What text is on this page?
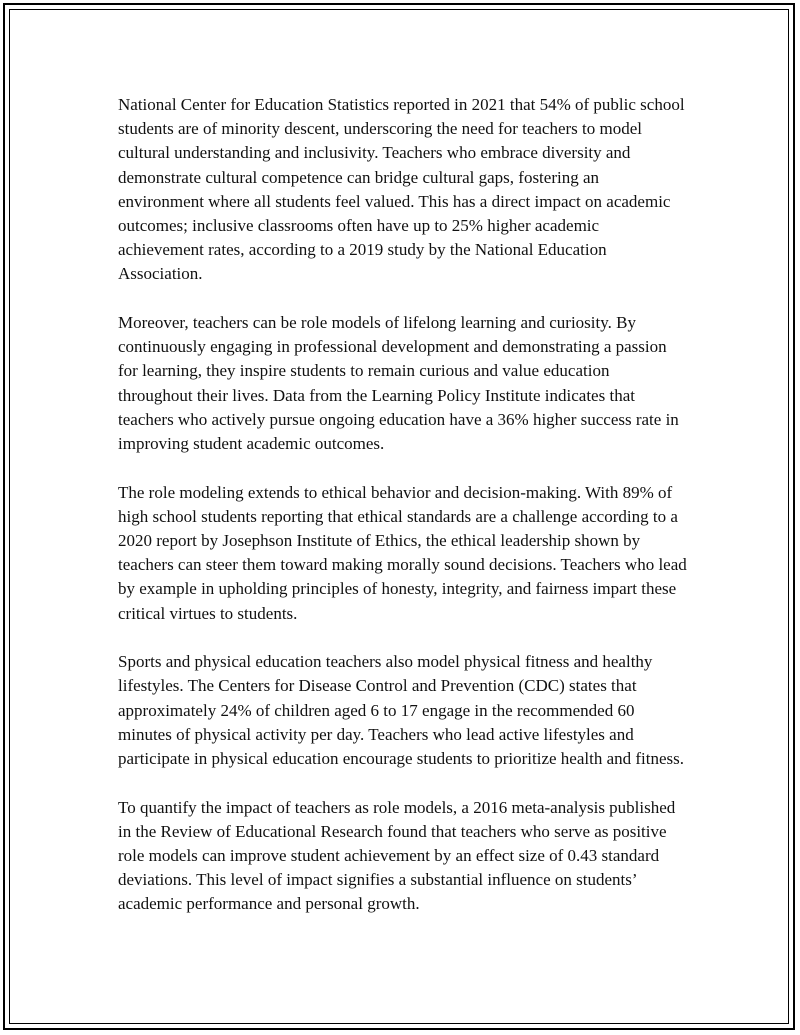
National Center for Education Statistics reported in 2021 that 54% of public school students are of minority descent, underscoring the need for teachers to model cultural understanding and inclusivity. Teachers who embrace diversity and demonstrate cultural competence can bridge cultural gaps, fostering an environment where all students feel valued. This has a direct impact on academic outcomes; inclusive classrooms often have up to 25% higher academic achievement rates, according to a 2019 study by the National Education Association.

Moreover, teachers can be role models of lifelong learning and curiosity. By continuously engaging in professional development and demonstrating a passion for learning, they inspire students to remain curious and value education throughout their lives. Data from the Learning Policy Institute indicates that teachers who actively pursue ongoing education have a 36% higher success rate in improving student academic outcomes.

The role modeling extends to ethical behavior and decision-making. With 89% of high school students reporting that ethical standards are a challenge according to a 2020 report by Josephson Institute of Ethics, the ethical leadership shown by teachers can steer them toward making morally sound decisions. Teachers who lead by example in upholding principles of honesty, integrity, and fairness impart these critical virtues to students.

Sports and physical education teachers also model physical fitness and healthy lifestyles. The Centers for Disease Control and Prevention (CDC) states that approximately 24% of children aged 6 to 17 engage in the recommended 60 minutes of physical activity per day. Teachers who lead active lifestyles and participate in physical education encourage students to prioritize health and fitness.

To quantify the impact of teachers as role models, a 2016 meta-analysis published in the Review of Educational Research found that teachers who serve as positive role models can improve student achievement by an effect size of 0.43 standard deviations. This level of impact signifies a substantial influence on students’ academic performance and personal growth.
